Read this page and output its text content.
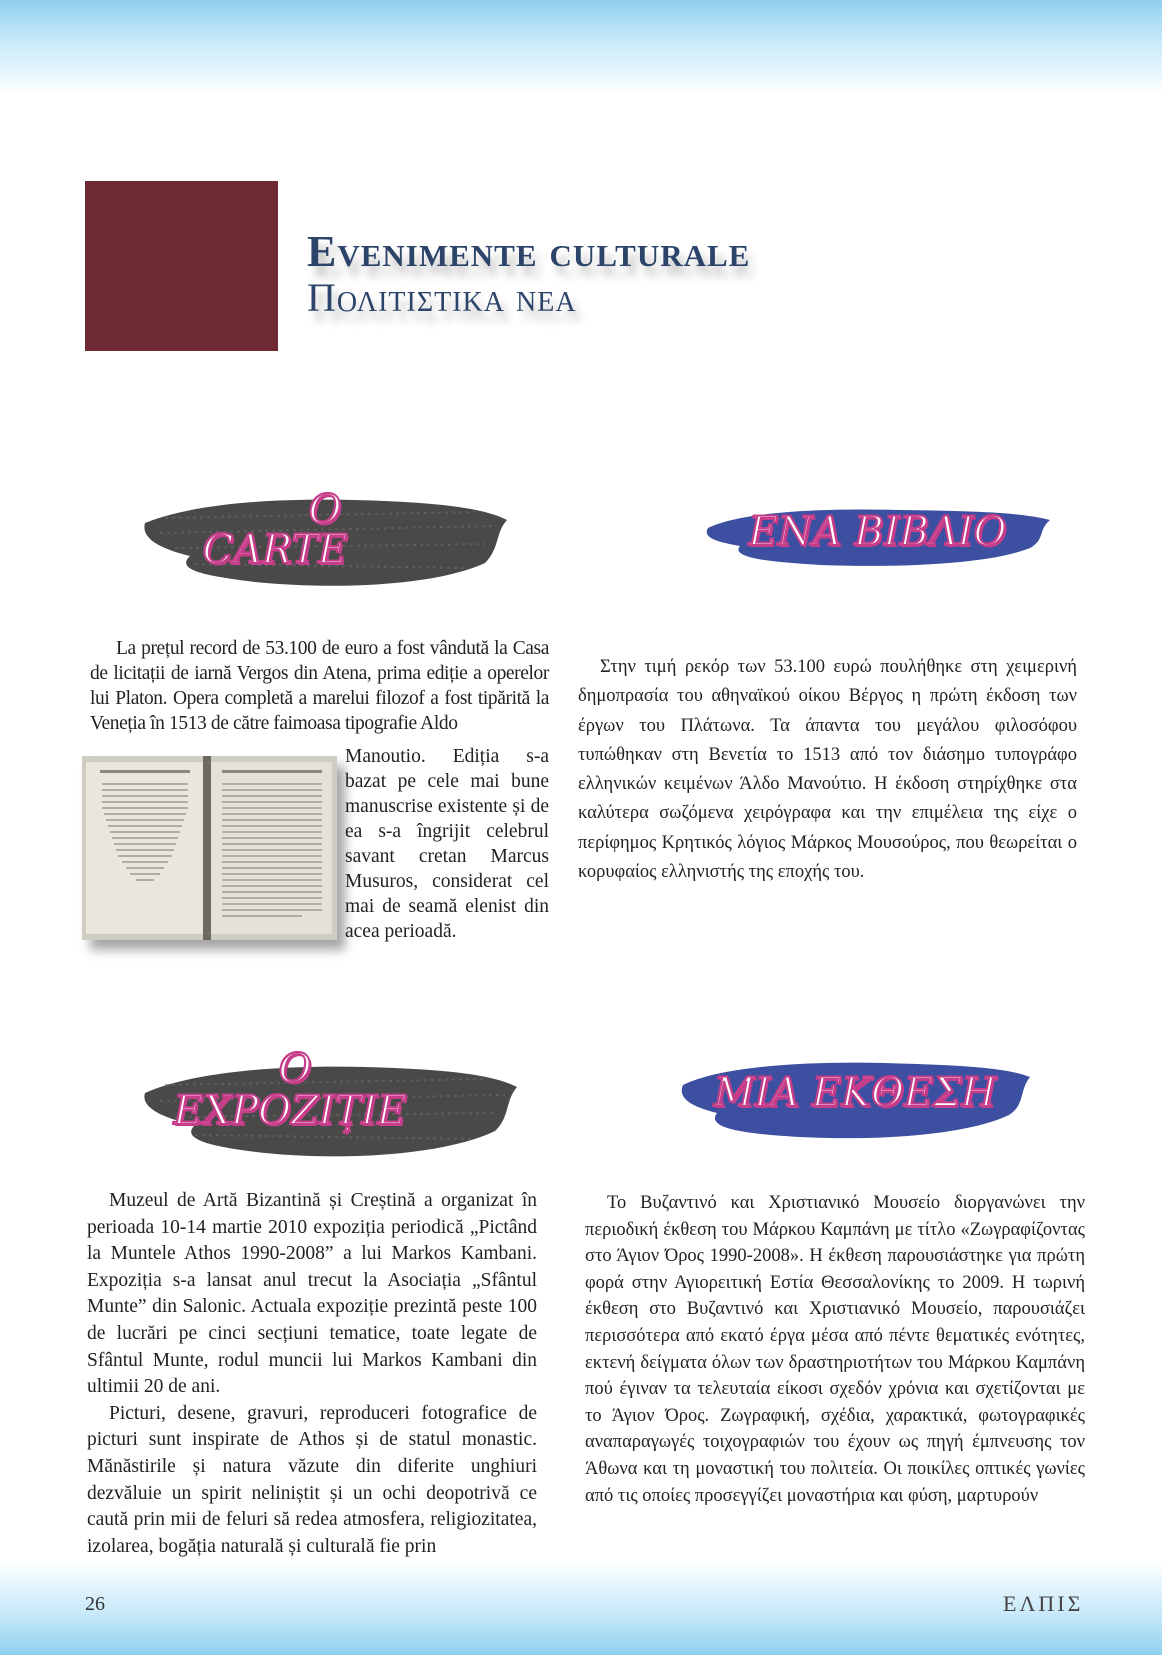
Evenimente culturale
Πολιτιστικα νεα
O
CARTE	ΕΝΑ ΒΙΒΛΙΟ
La prețul record de 53.100 de euro a fost vândută la Casa de licitații de iarnă Vergos din Atena, prima ediție a operelor lui Platon. Opera completă a marelui filozof a fost tipărită la Veneția în 1513 de către faimoasa tipografie Aldo
Manoutio. Ediția s-a bazat pe cele mai bune manuscrise existente și de ea s-a îngrijit celebrul savant cretan Marcus Musuros, considerat cel mai de seamă elenist din acea perioadă.

Στην τιμή ρεκόρ των 53.100 ευρώ πουλήθηκε στη χειμερινή δημοπρασία του αθηναϊκού οίκου Βέργος η πρώτη έκδοση των έργων του Πλάτωνα. Τα άπαντα του μεγάλου φιλοσόφου τυπώθηκαν στη Βενετία το 1513 από τον διάσημο τυπογράφο ελληνικών κειμένων Άλδο Μανούτιο. Η έκδοση στηρίχθηκε στα καλύτερα σωζόμενα χειρόγραφα και την επιμέλεια της είχε ο περίφημος Κρητικός λόγιος Μάρκος Μουσούρος, που θεωρείται ο κορυφαίος ελληνιστής της εποχής του.

O
EXPOZIȚIE	ΜΙΑ ΕΚΘΕΣΗ

Muzeul de Artă Bizantină și Creștină a organizat în perioada 10-14 martie 2010 expoziția periodică „Pictând la Muntele Athos 1990-2008” a lui Markos Kambani. Expoziția s-a lansat anul trecut la Asociația „Sfântul Munte” din Salonic. Actuala expoziție prezintă peste 100 de lucrări pe cinci secțiuni tematice, toate legate de Sfântul Munte, rodul muncii lui Markos Kambani din ultimii 20 de ani.

Picturi, desene, gravuri, reproduceri fotografice de picturi sunt inspirate de Athos și de statul monastic. Mănăstirile și natura văzute din diferite unghiuri dezvăluie un spirit neliniștit și un ochi deopotrivă ce caută prin mii de feluri să redea atmosfera, religiozitatea, izolarea, bogăția naturală și culturală fie prin

Το Βυζαντινό και Χριστιανικό Μουσείο διοργανώνει την περιοδική έκθεση του Μάρκου Καμπάνη με τίτλο «Ζωγραφίζοντας στο Άγιον Όρος 1990-2008». Η έκθεση παρουσιάστηκε για πρώτη φορά στην Αγιορειτική Εστία Θεσσαλονίκης το 2009. Η τωρινή έκθεση στο Βυζαντινό και Χριστιανικό Μουσείο, παρουσιάζει περισσότερα από εκατό έργα μέσα από πέντε θεματικές ενότητες, εκτενή δείγματα όλων των δραστηριοτήτων του Μάρκου Καμπάνη πού έγιναν τα τελευταία είκοσι σχεδόν χρόνια και σχετίζονται με το Άγιον Όρος. Ζωγραφική, σχέδια, χαρακτικά, φωτογραφικές αναπαραγωγές τοιχογραφιών του έχουν ως πηγή έμπνευσης τον Άθωνα και τη μοναστική του πολιτεία. Οι ποικίλες οπτικές γωνίες από τις οποίες προσεγγίζει μοναστήρια και φύση, μαρτυρούν

26	ΕΛΠΙΣ
